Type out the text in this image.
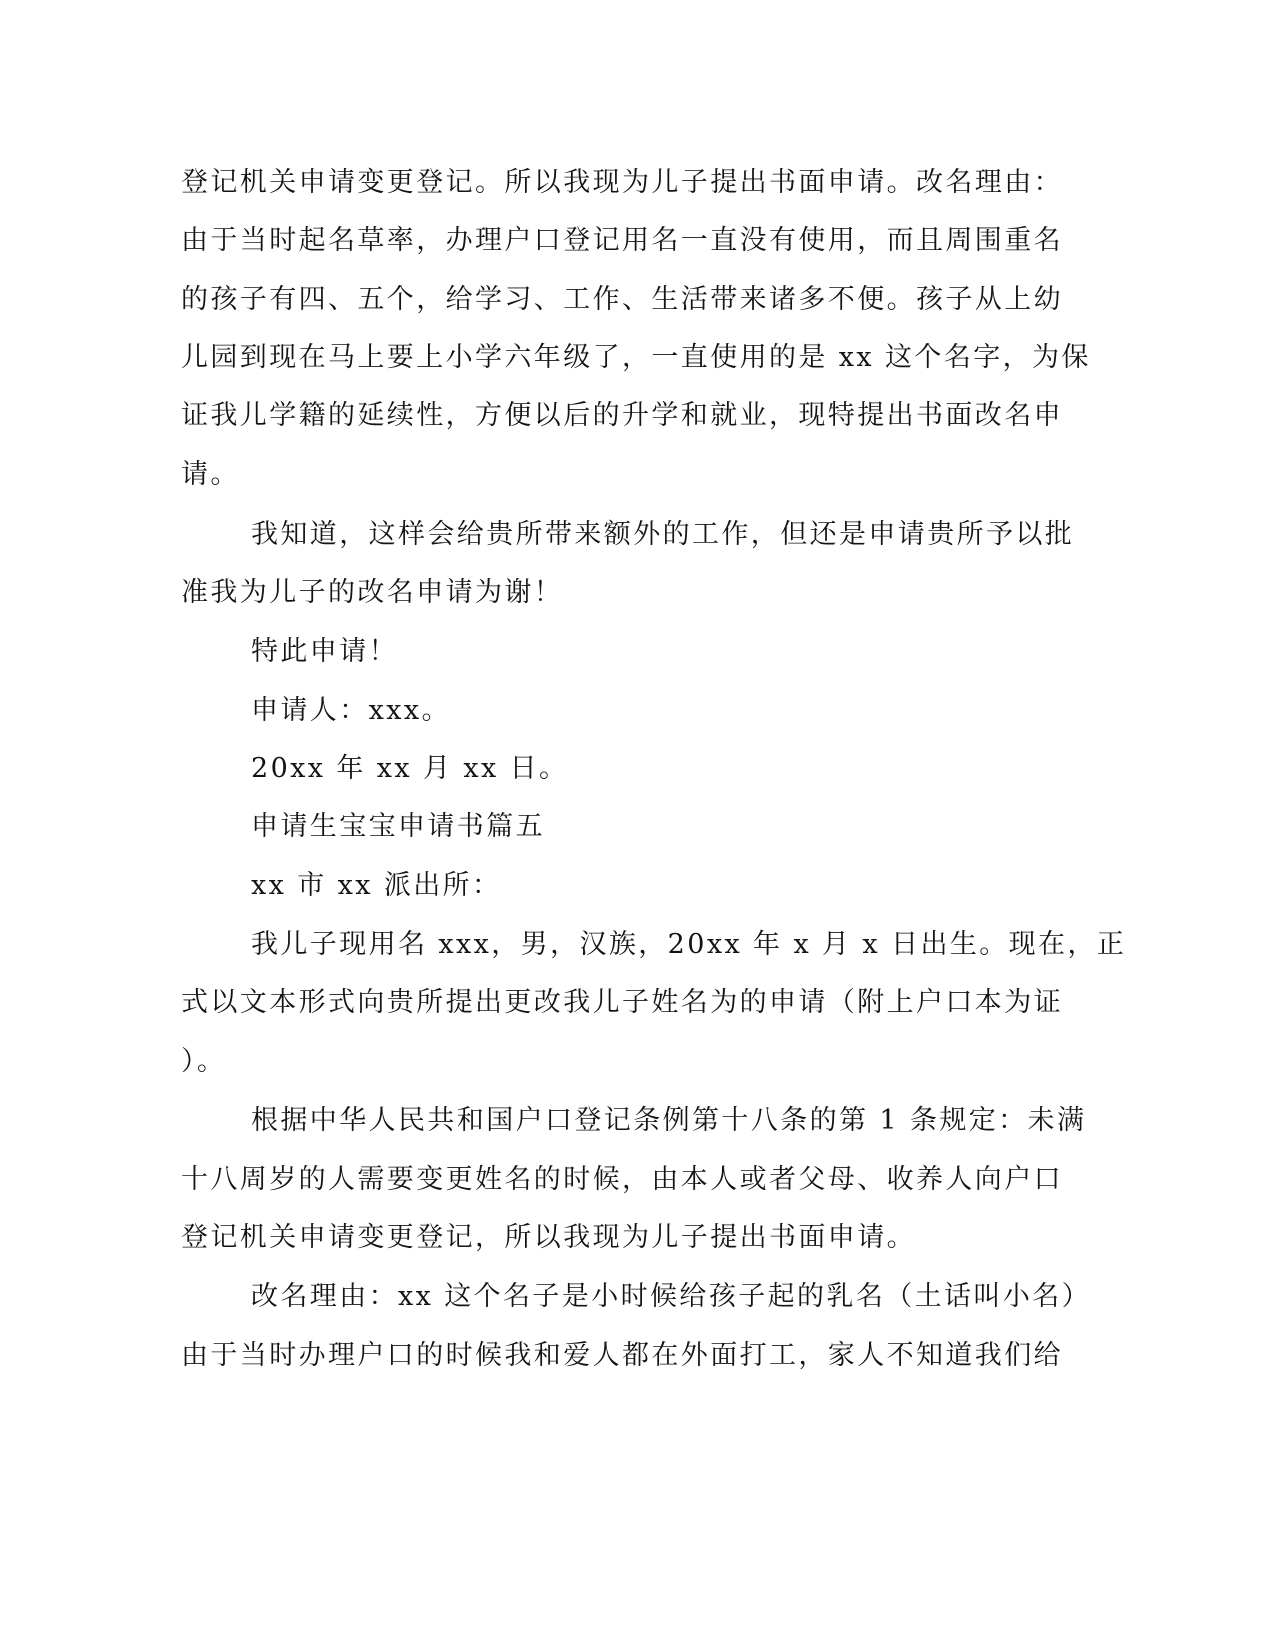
登记机关申请变更登记。所以我现为儿子提出书面申请。改名理由：
由于当时起名草率，办理户口登记用名一直没有使用，而且周围重名
的孩子有四、五个，给学习、工作、生活带来诸多不便。孩子从上幼
儿园到现在马上要上小学六年级了，一直使用的是 xx 这个名字，为保
证我儿学籍的延续性，方便以后的升学和就业，现特提出书面改名申
请。
我知道，这样会给贵所带来额外的工作，但还是申请贵所予以批
准我为儿子的改名申请为谢！
特此申请！
申请人：xxx。
20xx 年 xx 月 xx 日。
申请生宝宝申请书篇五
xx 市 xx 派出所：
我儿子现用名 xxx，男，汉族，20xx 年 x 月 x 日出生。现在，正
式以文本形式向贵所提出更改我儿子姓名为的申请（附上户口本为证
）。
根据中华人民共和国户口登记条例第十八条的第 1 条规定：未满
十八周岁的人需要变更姓名的时候，由本人或者父母、收养人向户口
登记机关申请变更登记，所以我现为儿子提出书面申请。
改名理由：xx 这个名子是小时候给孩子起的乳名（土话叫小名）
由于当时办理户口的时候我和爱人都在外面打工，家人不知道我们给
